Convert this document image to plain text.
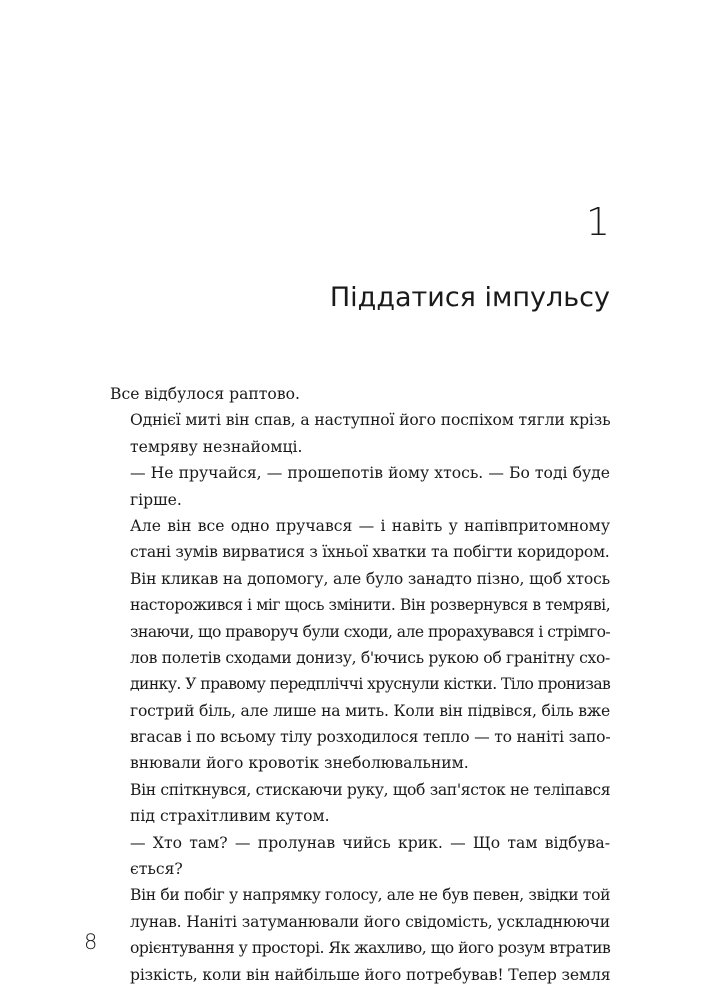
1

Піддатися імпульсу
Все відбулося раптово.
Однієї миті він спав, а наступної його поспіхом тягли крізь
темряву незнайомці.
— Не пручайся, — прошепотів йому хтось. — Бо тоді буде
гірше.
Але він все одно пручався — і навіть у напівпритомному
стані зумів вирватися з їхньої хватки та побігти коридором.
Він кликав на допомогу, але було занадто пізно, щоб хтось
насторожився і міг щось змінити. Він розвернувся в темряві,
знаючи, що праворуч були сходи, але прорахувався і стрімго-
лов полетів сходами донизу, б'ючись рукою об гранітну схо-
динку. У правому передпліччі хруснули кістки. Тіло пронизав
гострий біль, але лише на мить. Коли він підвівся, біль вже
вгасав і по всьому тілу розходилося тепло — то наніті запо-
внювали його кровотік знеболювальним.
Він спіткнувся, стискаючи руку, щоб зап'ясток не теліпався
під страхітливим кутом.
— Хто там? — пролунав чийсь крик. — Що там відбува-
ється?
Він би побіг у напрямку голосу, але не був певен, звідки той
лунав. Наніті затуманювали його свідомість, ускладнюючи
орієнтування у просторі. Як жахливо, що його розум втратив
різкість, коли він найбільше його потребував! Тепер земля

8
